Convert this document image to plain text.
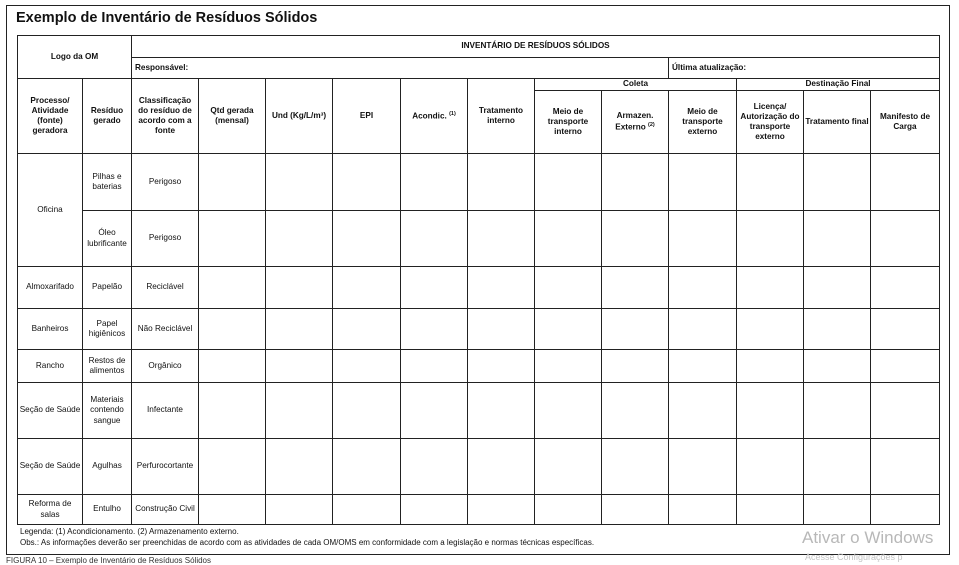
Exemplo de Inventário de Resíduos Sólidos
Logo da OM		INVENTÁRIO DE RESÍDUOS SÓLIDOS											
		Responsável:								Última atualização:			
Processo/ Atividade (fonte) geradora	Resíduo gerado	Classificação do resíduo de acordo com a fonte	Qtd gerada (mensal)	Und (Kg/L/m³)	EPI	Acondic. $^{(1)}$	Tratamento interno	Coleta			Destinação Final		
								Meio de transporte interno	Armazen. Externo $^{(2)}$	Meio de transporte externo	Licença/ Autorização do transporte externo	Tratamento final	Manifesto de Carga
Oficina	Pilhas e baterias	Perigoso											
	Óleo lubrificante	Perigoso											
Almoxarifado	Papelão	Reciclável											
Banheiros	Papel higiênicos	Não Reciclável											
Rancho	Restos de alimentos	Orgânico											
Seção de Saúde	Materiais contendo sangue	Infectante											
Seção de Saúde	Agulhas	Perfurocortante											
Reforma de salas	Entulho	Construção Civil											
Legenda: (1) Acondicionamento. (2) Armazenamento externo.
Obs.: As informações deverão ser preenchidas de acordo com as atividades de cada OM/OMS em conformidade com a legislação e normas técnicas específicas.
FIGURA 10 – Exemplo de Inventário de Resíduos Sólidos
Ativar o Windows
Acesse Configurações p
